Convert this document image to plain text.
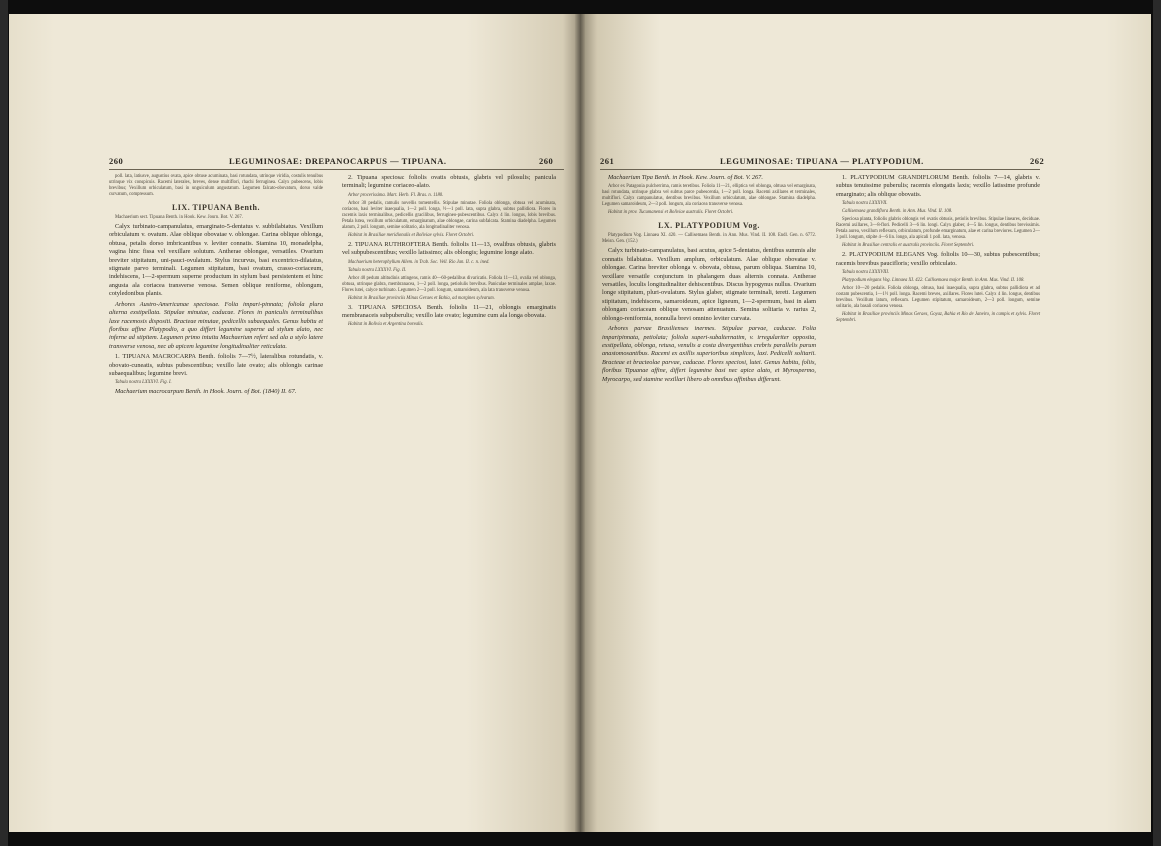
260	LEGUMINOSAE: DREPANOCARPUS — TIPUANA.	260

poll. lata, latiusve, augustius ovata, apice obtuse acuminata, basi rotundata, utrinque viridia, costulis tenuibus utrinque vix conspicuis. Racemi laterales, breves, dense multiflori, rhachi ferruginea. Calyx pubescens, lobis brevibus; Vexillum orbiculatum, basi in unguiculum angustatum. Legumen falcato-obovatum, dorso valde curvatum, compressum.

LIX. TIPUANA Benth.

Machaerium sect. Tipuana Benth. in Hook. Kew. Journ. Bot. V. 267.

Calyx turbinato-campanulatus, emarginato-5-dentatus v. subbilabiatus. Vexillum orbiculatum v. ovatum. Alae oblique obovatae v. oblongae. Carina oblique oblonga, obtusa, petalis dorso imbricantibus v. leviter connatis. Stamina 10, monadelpha, vagina hinc fissa vel vexillare solutum. Antherae oblongae, versatiles. Ovarium breviter stipitatum, uni-pauci-ovulatum. Stylus incurvus, basi excentrico-dilatatus, stigmate parvo terminali. Legumen stipitatum, basi ovatum, crasso-coriaceum, indehiscens, 1—2-spermum superne productum in stylum basi persistentem et hinc angusta ala coriacea transverse venosa. Semen oblique reniforme, oblongum, cotyledonibus planis.

Arbores Austro-Americanae speciosae. Folia impari-pinnata; foliola plura alterna exstipellata. Stipulae minutae, caducae. Flores in paniculis terminalibus laxe racemosis dispositi. Bracteae minutae, pedicellis subaequales. Genus habitu et floribus affine Platypodio, a quo differt legumine superne ad stylum alato, nec inferne ad stipitem. Legumen primo intuitu Machaerium refert sed ala a stylo latere transverse venosa, nec ab apicem legumine longitudinaliter reticulata.

1. TIPUANA MACROCARPA Benth. foliolis 7—7½, lateralibus rotundatis, v. obovato-cuneatis, subtus pubescentibus; vexillo late ovato; alis oblongis carinae subaequalibus; legumine brevi.

Tabula nostra LXXXVI. Fig. I.

Machaerium macrocarpum Benth. in Hook. Journ. of Bot. (1840) II. 67.

2. Tipuana speciosa: foliolis ovatis obtusis, glabris vel pilosulis; panicula terminali; legumine coriaceo-alato.

Arbor procerissima. Mart. Herb. Fl. Bras. n. 1180.

Arbor 30 pedalis, ramulis novellis tomentellis. Stipulae minutae. Foliola oblonga, obtusa vel acuminata, coriacea, basi leviter inaequalia, 1—2 poll. longa, ½—1 poll. lata, supra glabra, subtus pallidiora. Flores in racemis laxis terminalibus, pedicellis gracilibus, ferrugineo-pubescentibus. Calyx 4 lin. longus, lobis brevibus. Petala lutea, vexillum orbiculatum, emarginatum, alae oblongae, carina subfalcata. Stamina diadelpha. Legumen alatum, 2 poll. longum, semine solitario, ala longitudinaliter venosa.

Habitat in Brasiliae meridionalis et Boliviae sylvis. Floret Octobri.

2. TIPUANA RUTHROFTERA Benth. foliolis 11—13, ovalibus obtusis, glabris vel subpubescentibus; vexillo latissimo; alis oblongis; legumine longe alato.

Machaerium heterophyllum Allem. in Trab. Soc. Vell. Rio Jan. II. c. n. ined.

Tabula nostra LXXXVI. Fig. II.

Arbor 40 pedum altitudinis attingens, ramis 40—60-pedalibus divaricatis. Foliola 11—13, ovalia vel oblonga, obtusa, utrinque glabra, membranacea, 1—2 poll. longa, petiolulis brevibus. Paniculae terminales amplae, laxae. Flores lutei, calyce turbinato. Legumen 2—3 poll. longum, samaroideum, ala lata transverse venosa.

Habitat in Brasiliae provinciis Minas Geraes et Bahia, ad margines sylvarum.

3. TIPUANA SPECIOSA Benth. foliolis 11—21, oblongis emarginatis membranaceis subpuberulis; vexillo late ovato; legumine cum ala longa obovata.

Habitat in Bolivia et Argentina borealis.

261	LEGUMINOSAE: TIPUANA — PLATYPODIUM.	262

Machaerium Tipa Benth. in Hook. Kew. Journ. of Bot. V. 267.

Arbor ex Patagonia pulcherrima, ramis teretibus. Foliola 11—21, elliptica vel oblonga, obtusa vel emarginata, basi rotundata, utrinque glabra vel subtus parce pubescentia, 1—2 poll. longa. Racemi axillares et terminales, multiflori. Calyx campanulatus, dentibus brevibus. Vexillum orbiculatum, alae oblongae. Stamina diadelpha. Legumen samaroideum, 2—3 poll. longum, ala coriacea transverse venosa.

Habitat in prov. Tucumanensi et Boliviae australis. Floret Octobri.

LX. PLATYPODIUM Vog.

Platypodium Vog. Linnaea XI. 420. — Callisemaea Benth. in Ann. Mus. Vind. II. 108. Endl. Gen. n. 6772. Meisn. Gen. (152.)

Calyx turbinato-campanulatus, basi acutus, apice 5-dentatus, dentibus summis alte connatis bilabiatus. Vexillum amplum, orbiculatum. Alae oblique obovatae v. oblongae. Carina breviter oblonga v. obovata, obtusa, parum obliqua. Stamina 10, vexillare versatile conjunctum in phalangem duas alternis connata. Antherae versatiles, loculis longitudinaliter dehiscentibus. Discus hypogynus nullus. Ovarium longe stipitatum, pluri-ovulatum. Stylus glaber, stigmate terminali, tereti. Legumen stipitatum, indehiscens, samaroideum, apice ligneum, 1—2-spermum, basi in alam oblongam coriaceam oblique venosam attenuatum. Semina solitaria v. rarius 2, oblongo-reniformia, nonnulla brevi omnino leviter curvata.

Arbores parvae Brasilienses inermes. Stipulae parvae, caducae. Folia imparipinnata, petiolata; foliola superi-subalternatim, v. irregulariter opposita, exstipellata, oblonga, retusa, venulis a costa divergentibus crebris parallelis parum anastomosantibus. Racemi ex axillis superioribus simplices, laxi. Pedicelli solitarii. Bracteae et bracteolae parvae, caducae. Flores speciosi, lutei. Genus habitu, foliis, floribus Tipuanae affine, differt legumine basi nec apice alato, et Myrospermo, Myrocarpo, sed stamine vexillari libero ab omnibus affinibus differunt.

1. PLATYPODIUM GRANDIFLORUM Benth. foliolis 7—14, glabris v. subtus tenuissime puberulis; racemis elongatis laxis; vexillo latissime profunde emarginato; alis oblique obovatis.

Tabula nostra LXXXVII.

Callisemaea grandiflora Benth. in Ann. Mus. Vind. II. 108.

Speciosa planta, foliolis glabris oblongis vel ovatis obtusis, petiolis brevibus. Stipulae lineares, deciduae. Racemi axillares, 3—8-flori. Pedicelli 3—6 lin. longi. Calyx glaber, 4—5 lin. longus, dentibus brevissimis. Petala aurea, vexillum reflexum, orbiculatum, profunde emarginatum, alae et carina breviores. Legumen 2—3 poll. longum, stipite 4—6 lin. longo, ala apicali 1 poll. lata, venosa.

Habitat in Brasiliae centralis et australis provinciis. Floret Septembri.

2. PLATYPODIUM ELEGANS Vog. foliolis 10—30, subtus pubescentibus; racemis brevibus paucifloris; vexillo orbiculato.

Tabula nostra LXXXVIII.

Platypodium elegans Vog. Linnaea XI. 422. Callisemaea major Benth. in Ann. Mus. Vind. II. 108.

Arbor 10—20 pedalis. Foliola oblonga, obtusa, basi inaequalia, supra glabra, subtus pallidiora et ad costam pubescentia, 1—1½ poll. longa. Racemi breves, axillares. Flores lutei. Calyx 4 lin. longus, dentibus brevibus. Vexillum latum, reflexum. Legumen stipitatum, samaroideum, 2—3 poll. longum, semine solitario, ala basali coriacea venosa.

Habitat in Brasiliae provinciis Minas Geraes, Goyaz, Bahia et Rio de Janeiro, in campis et sylvis. Floret Septembri.
